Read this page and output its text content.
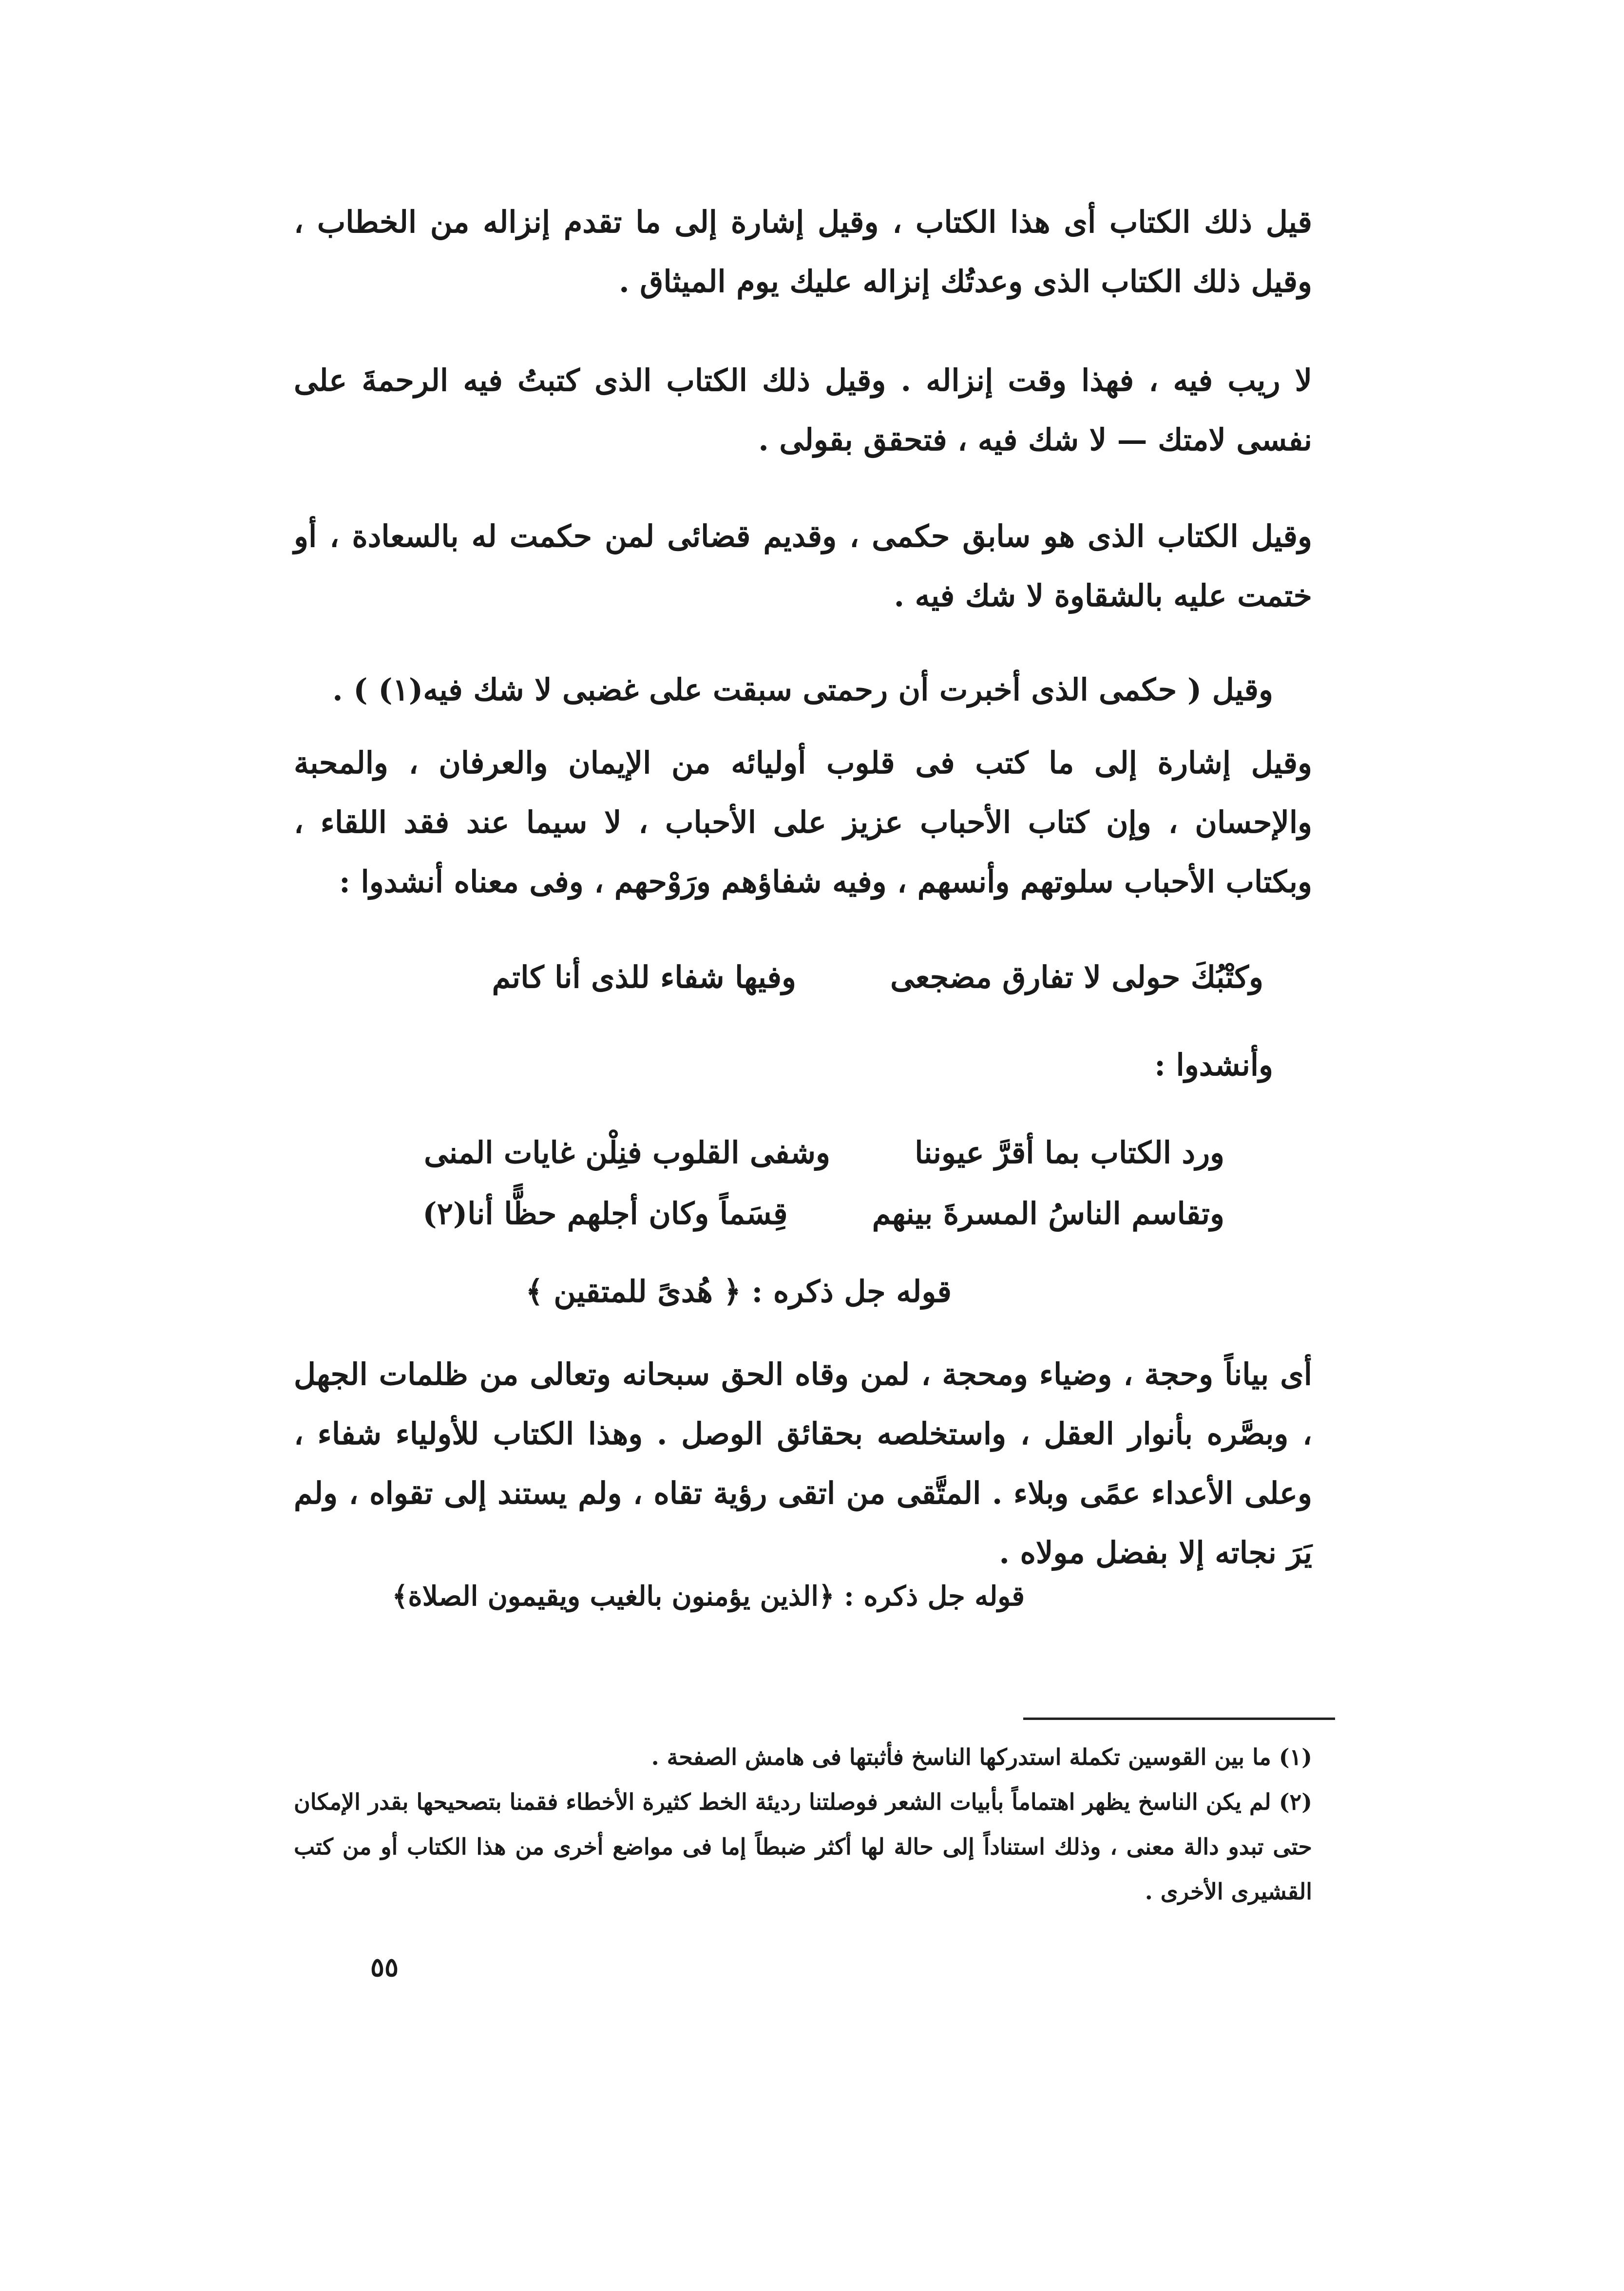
قيل ذلك الكتاب أى هذا الكتاب ، وقيل إشارة إلى ما تقدم إنزاله من الخطاب ، وقيل ذلك الكتاب الذى وعدتُك إنزاله عليك يوم الميثاق .

لا ريب فيه ، فهذا وقت إنزاله . وقيل ذلك الكتاب الذى كتبتُ فيه الرحمةَ على نفسى لامتك — لا شك فيه ، فتحقق بقولى .

وقيل الكتاب الذى هو سابق حكمى ، وقديم قضائى لمن حكمت له بالسعادة ، أو ختمت عليه بالشقاوة لا شك فيه .

وقيل ( حكمى الذى أخبرت أن رحمتى سبقت على غضبى لا شك فيه(١) ) .

وقيل إشارة إلى ما كتب فى قلوب أوليائه من الإيمان والعرفان ، والمحبة والإحسان ، وإن كتاب الأحباب عزيز على الأحباب ، لا سيما عند فقد اللقاء ، وبكتاب الأحباب سلوتهم وأنسهم ، وفيه شفاؤهم ورَوْحهم ، وفى معناه أنشدوا :

وكتْبُكَ حولى لا تفارق مضجعى  وفيها شفاء للذى أنا كاتم

وأنشدوا :

ورد الكتاب بما أقرَّ عيوننا  وشفى القلوب فنِلْن غايات المنى
وتقاسم الناسُ المسرةَ بينهم  قِسَماً وكان أجلهم حظًّا أنا(٢)

قوله جل ذكره : ﴿ هُدىً للمتقين ﴾

أى بياناً وحجة ، وضياء ومحجة ، لمن وقاه الحق سبحانه وتعالى من ظلمات الجهل ، وبصَّره بأنوار العقل ، واستخلصه بحقائق الوصل . وهذا الكتاب للأولياء شفاء ، وعلى الأعداء عمًى وبلاء . المتَّقى من اتقى رؤية تقاه ، ولم يستند إلى تقواه ، ولم يَرَ نجاته إلا بفضل مولاه .

قوله جل ذكره : ﴿الذين يؤمنون بالغيب ويقيمون الصلاة﴾

(١) ما بين القوسين تكملة استدركها الناسخ فأثبتها فى هامش الصفحة .

(٢) لم يكن الناسخ يظهر اهتماماً بأبيات الشعر فوصلتنا رديئة الخط كثيرة الأخطاء فقمنا بتصحيحها بقدر الإمكان حتى تبدو دالة معنى ، وذلك استناداً إلى حالة لها أكثر ضبطاً إما فى مواضع أخرى من هذا الكتاب أو من كتب القشيرى الأخرى .

٥٥
